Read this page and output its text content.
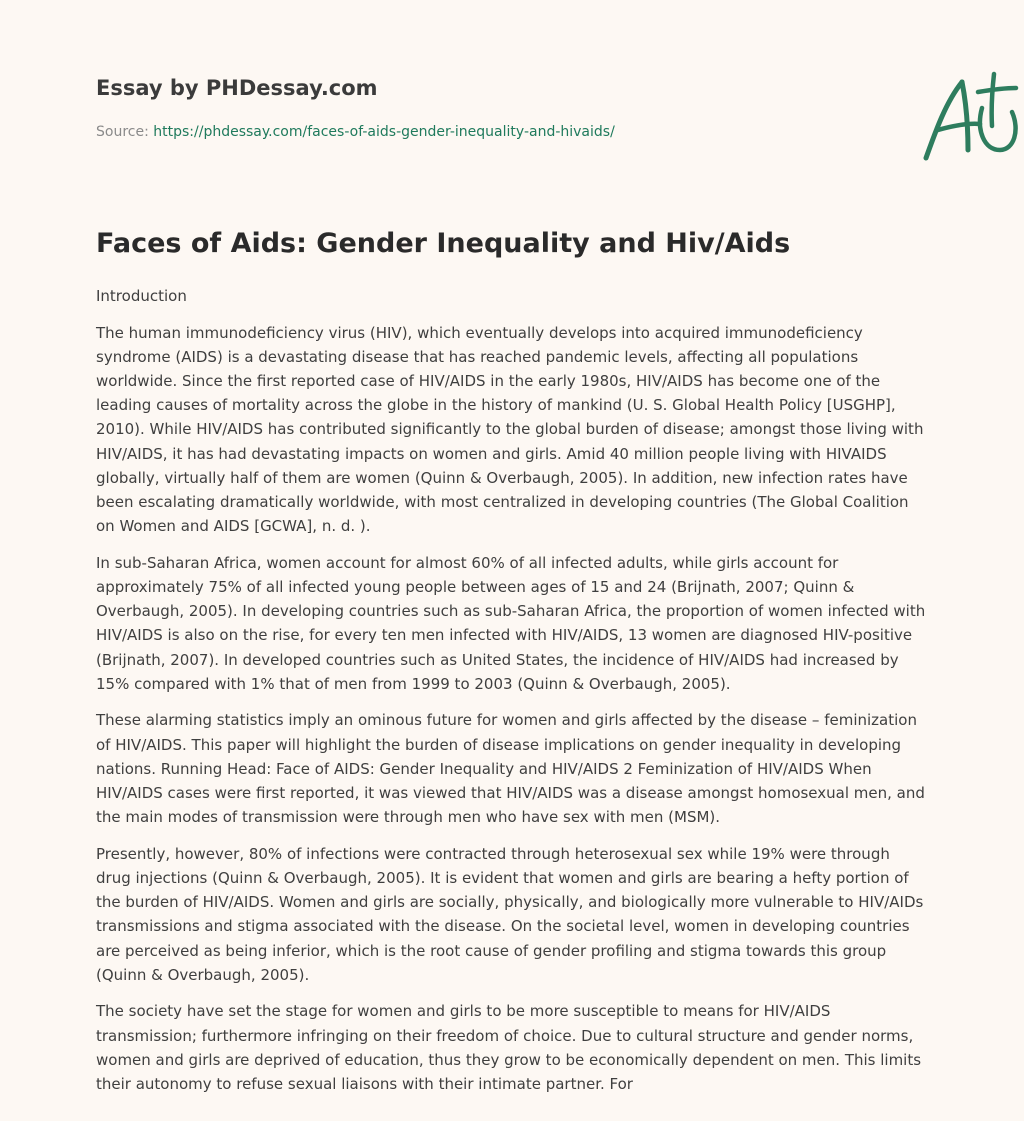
Essay by PHDessay.com
Source: https://phdessay.com/faces-of-aids-gender-inequality-and-hivaids/
Faces of Aids: Gender Inequality and Hiv/Aids

Introduction

The human immunodeficiency virus (HIV), which eventually develops into acquired immunodeficiency syndrome (AIDS) is a devastating disease that has reached pandemic levels, affecting all populations worldwide. Since the first reported case of HIV/AIDS in the early 1980s, HIV/AIDS has become one of the leading causes of mortality across the globe in the history of mankind (U. S. Global Health Policy [USGHP], 2010). While HIV/AIDS has contributed significantly to the global burden of disease; amongst those living with HIV/AIDS, it has had devastating impacts on women and girls. Amid 40 million people living with HIVAIDS globally, virtually half of them are women (Quinn & Overbaugh, 2005). In addition, new infection rates have been escalating dramatically worldwide, with most centralized in developing countries (The Global Coalition on Women and AIDS [GCWA], n. d. ).

In sub-Saharan Africa, women account for almost 60% of all infected adults, while girls account for approximately 75% of all infected young people between ages of 15 and 24 (Brijnath, 2007; Quinn & Overbaugh, 2005). In developing countries such as sub-Saharan Africa, the proportion of women infected with HIV/AIDS is also on the rise, for every ten men infected with HIV/AIDS, 13 women are diagnosed HIV-positive (Brijnath, 2007). In developed countries such as United States, the incidence of HIV/AIDS had increased by 15% compared with 1% that of men from 1999 to 2003 (Quinn & Overbaugh, 2005).

These alarming statistics imply an ominous future for women and girls affected by the disease – feminization of HIV/AIDS. This paper will highlight the burden of disease implications on gender inequality in developing nations. Running Head: Face of AIDS: Gender Inequality and HIV/AIDS 2 Feminization of HIV/AIDS When HIV/AIDS cases were first reported, it was viewed that HIV/AIDS was a disease amongst homosexual men, and the main modes of transmission were through men who have sex with men (MSM).

Presently, however, 80% of infections were contracted through heterosexual sex while 19% were through drug injections (Quinn & Overbaugh, 2005). It is evident that women and girls are bearing a hefty portion of the burden of HIV/AIDS. Women and girls are socially, physically, and biologically more vulnerable to HIV/AIDs transmissions and stigma associated with the disease. On the societal level, women in developing countries are perceived as being inferior, which is the root cause of gender profiling and stigma towards this group (Quinn & Overbaugh, 2005).

The society have set the stage for women and girls to be more susceptible to means for HIV/AIDS transmission; furthermore infringing on their freedom of choice. Due to cultural structure and gender norms, women and girls are deprived of education, thus they grow to be economically dependent on men. This limits their autonomy to refuse sexual liaisons with their intimate partner. For
